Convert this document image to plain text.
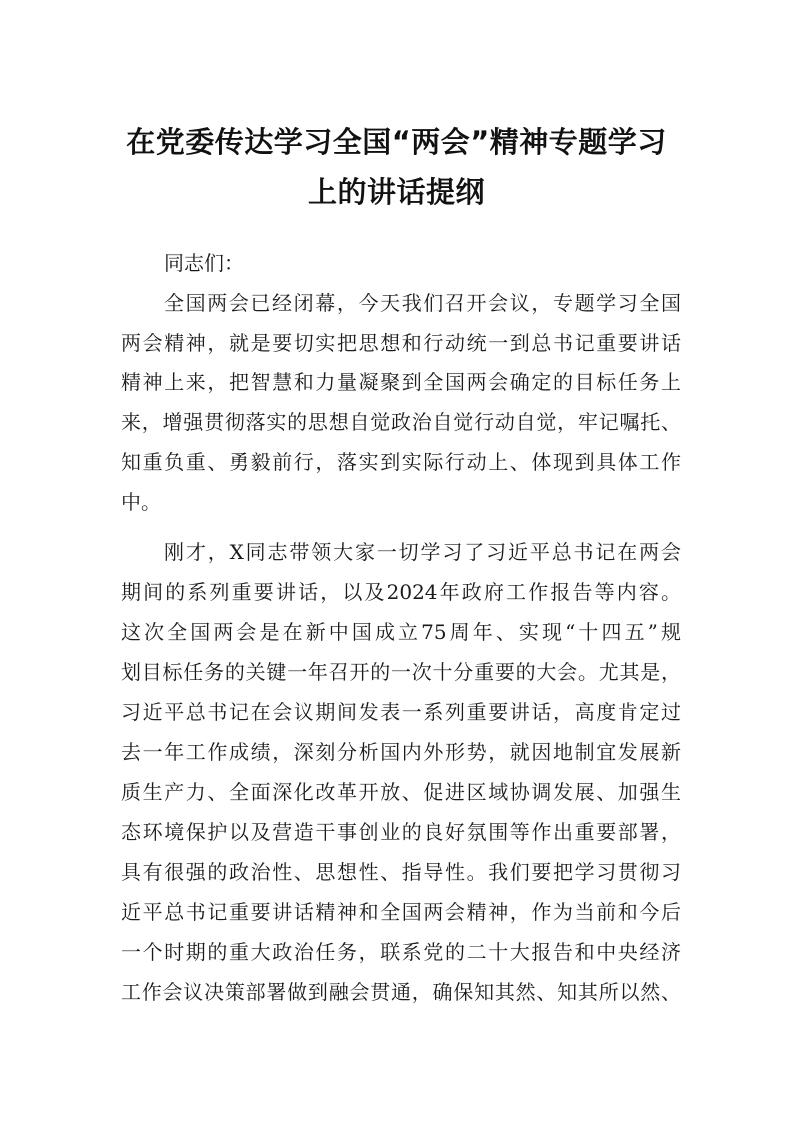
在党委传达学习全国“两会”精神专题学习
上的讲话提纲

同志们：

全国两会已经闭幕，今天我们召开会议，专题学习全国

两会精神，就是要切实把思想和行动统一到总书记重要讲话

精神上来，把智慧和力量凝聚到全国两会确定的目标任务上

来，增强贯彻落实的思想自觉政治自觉行动自觉，牢记嘱托、

知重负重、勇毅前行，落实到实际行动上、体现到具体工作

中。

刚才，X同志带领大家一切学习了习近平总书记在两会

期间的系列重要讲话，以及2024年政府工作报告等内容。

这次全国两会是在新中国成立75周年、实现“十四五”规

划目标任务的关键一年召开的一次十分重要的大会。尤其是，

习近平总书记在会议期间发表一系列重要讲话，高度肯定过

去一年工作成绩，深刻分析国内外形势，就因地制宜发展新

质生产力、全面深化改革开放、促进区域协调发展、加强生

态环境保护以及营造干事创业的良好氛围等作出重要部署，

具有很强的政治性、思想性、指导性。我们要把学习贯彻习

近平总书记重要讲话精神和全国两会精神，作为当前和今后

一个时期的重大政治任务，联系党的二十大报告和中央经济

工作会议决策部署做到融会贯通，确保知其然、知其所以然、
